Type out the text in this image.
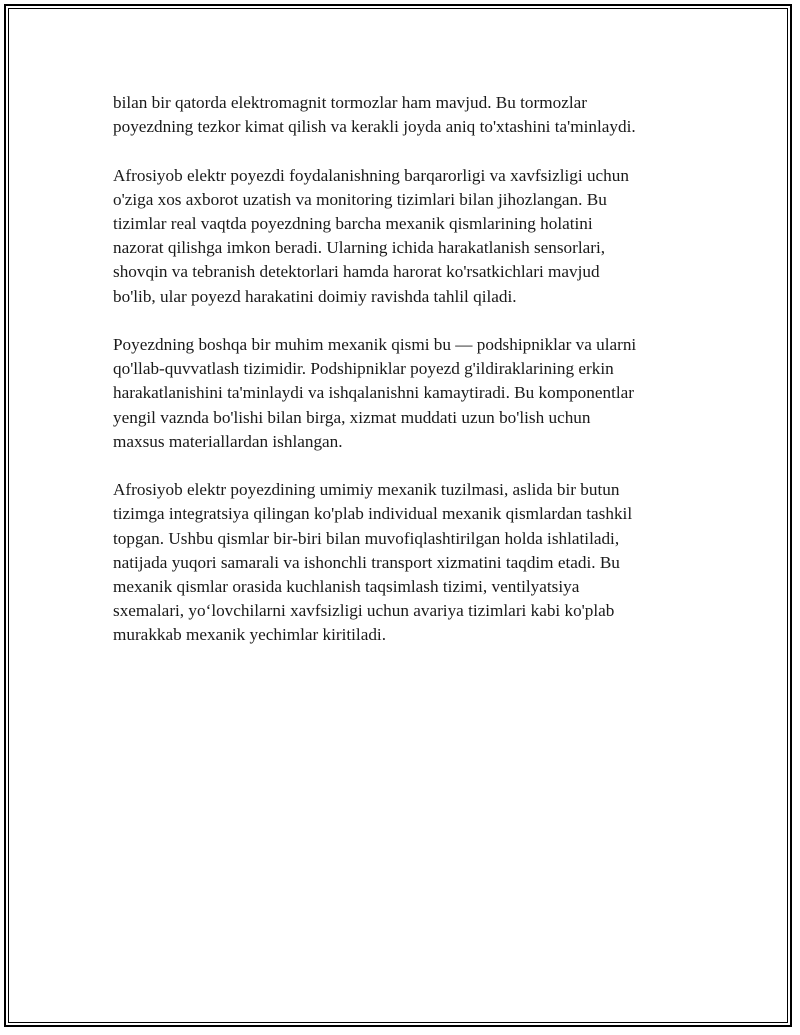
bilan bir qatorda elektromagnit tormozlar ham mavjud. Bu tormozlar
poyezdning tezkor kimat qilish va kerakli joyda aniq to'xtashini ta'minlaydi.

Afrosiyob elektr poyezdi foydalanishning barqarorligi va xavfsizligi uchun
o'ziga xos axborot uzatish va monitoring tizimlari bilan jihozlangan. Bu
tizimlar real vaqtda poyezdning barcha mexanik qismlarining holatini
nazorat qilishga imkon beradi. Ularning ichida harakatlanish sensorlari,
shovqin va tebranish detektorlari hamda harorat ko'rsatkichlari mavjud
bo'lib, ular poyezd harakatini doimiy ravishda tahlil qiladi.

Poyezdning boshqa bir muhim mexanik qismi bu — podshipniklar va ularni
qo'llab-quvvatlash tizimidir. Podshipniklar poyezd g'ildiraklarining erkin
harakatlanishini ta'minlaydi va ishqalanishni kamaytiradi. Bu komponentlar
yengil vaznda bo'lishi bilan birga, xizmat muddati uzun bo'lish uchun
maxsus materiallardan ishlangan.

Afrosiyob elektr poyezdining umimiy mexanik tuzilmasi, aslida bir butun
tizimga integratsiya qilingan ko'plab individual mexanik qismlardan tashkil
topgan. Ushbu qismlar bir-biri bilan muvofiqlashtirilgan holda ishlatiladi,
natijada yuqori samarali va ishonchli transport xizmatini taqdim etadi. Bu
mexanik qismlar orasida kuchlanish taqsimlash tizimi, ventilyatsiya
sxemalari, yo‘lovchilarni xavfsizligi uchun avariya tizimlari kabi ko'plab
murakkab mexanik yechimlar kiritiladi.
